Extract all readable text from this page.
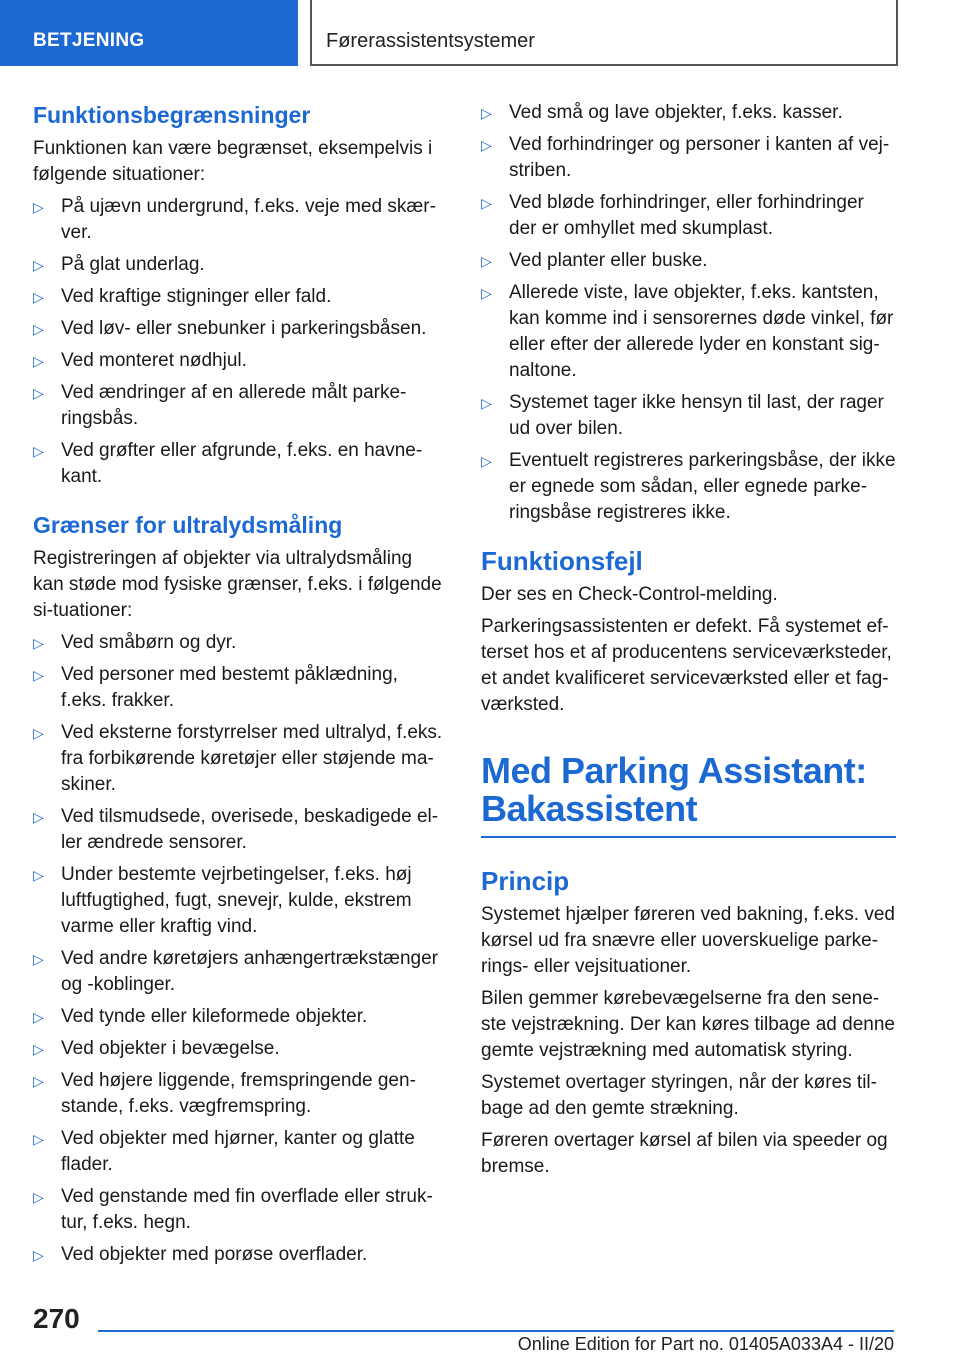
BETJENING	Førerassistentsystemer
Funktionsbegrænsninger

Funktionen kan være begrænset, eksempelvis i følgende situationer:

▷ På ujævn undergrund, f.eks. veje med skær-ver.
▷ På glat underlag.
▷ Ved kraftige stigninger eller fald.
▷ Ved løv- eller snebunker i parkeringsbåsen.
▷ Ved monteret nødhjul.
▷ Ved ændringer af en allerede målt parke-ringsbås.
▷ Ved grøfter eller afgrunde, f.eks. en havne-kant.
Grænser for ultralydsmåling

Registreringen af objekter via ultralydsmåling kan støde mod fysiske grænser, f.eks. i følgende si-tuationer:

▷ Ved småbørn og dyr.
▷ Ved personer med bestemt påklædning, f.eks. frakker.
▷ Ved eksterne forstyrrelser med ultralyd, f.eks. fra forbikørende køretøjer eller støjende ma-skiner.
▷ Ved tilsmudsede, overisede, beskadigede el-ler ændrede sensorer.
▷ Under bestemte vejrbetingelser, f.eks. høj luftfugtighed, fugt, snevejr, kulde, ekstrem varme eller kraftig vind.
▷ Ved andre køretøjers anhængertrækstænger og -koblinger.
▷ Ved tynde eller kileformede objekter.
▷ Ved objekter i bevægelse.
▷ Ved højere liggende, fremspringende gen-stande, f.eks. vægfremspring.
▷ Ved objekter med hjørner, kanter og glatte flader.
▷ Ved genstande med fin overflade eller struk-tur, f.eks. hegn.
▷ Ved objekter med porøse overflader.
▷ Ved små og lave objekter, f.eks. kasser.
▷ Ved forhindringer og personer i kanten af vej-striben.
▷ Ved bløde forhindringer, eller forhindringer der er omhyllet med skumplast.
▷ Ved planter eller buske.
▷ Allerede viste, lave objekter, f.eks. kantsten, kan komme ind i sensorernes døde vinkel, før eller efter der allerede lyder en konstant sig-naltone.
▷ Systemet tager ikke hensyn til last, der rager ud over bilen.
▷ Eventuelt registreres parkeringsbåse, der ikke er egnede som sådan, eller egnede parke-ringsbåse registreres ikke.
Funktionsfejl

Der ses en Check-Control-melding.

Parkeringsassistenten er defekt. Få systemet ef-terset hos et af producentens serviceværksteder, et andet kvalificeret serviceværksted eller et fag-værksted.

Med Parking Assistant: Bakassistent
Princip

Systemet hjælper føreren ved bakning, f.eks. ved kørsel ud fra snævre eller uoverskuelige parke-rings- eller vejsituationer.

Bilen gemmer kørebevægelserne fra den sene-ste vejstrækning. Der kan køres tilbage ad denne gemte vejstrækning med automatisk styring.

Systemet overtager styringen, når der køres til-bage ad den gemte strækning.

Føreren overtager kørsel af bilen via speeder og bremse.

270
Online Edition for Part no. 01405A033A4 - II/20
